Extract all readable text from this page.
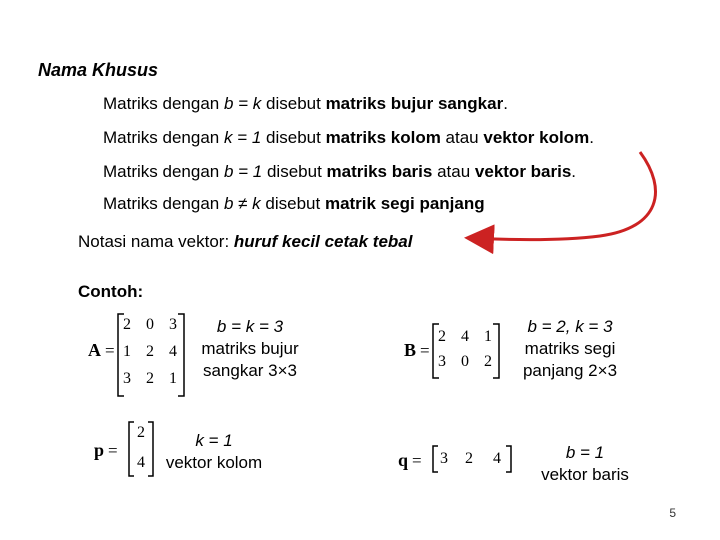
Nama Khusus
Matriks dengan b = k disebut matriks bujur sangkar.
Matriks dengan k = 1 disebut matriks kolom atau vektor kolom.
Matriks dengan b = 1 disebut matriks baris atau vektor baris.
Matriks dengan b ≠ k disebut matrik segi panjang
Notasi nama vektor: huruf kecil cetak tebal
Contoh:
A =
2 0 3
1 2 4
3 2 1
b = k = 3
matriks bujur
sangkar 3×3
B =
2 4 1
3 0 2
b = 2, k = 3
matriks segi
panjang 2×3
p =
2
4
k = 1
vektor kolom	q =	3	2	4	b = 1
vektor baris
5
